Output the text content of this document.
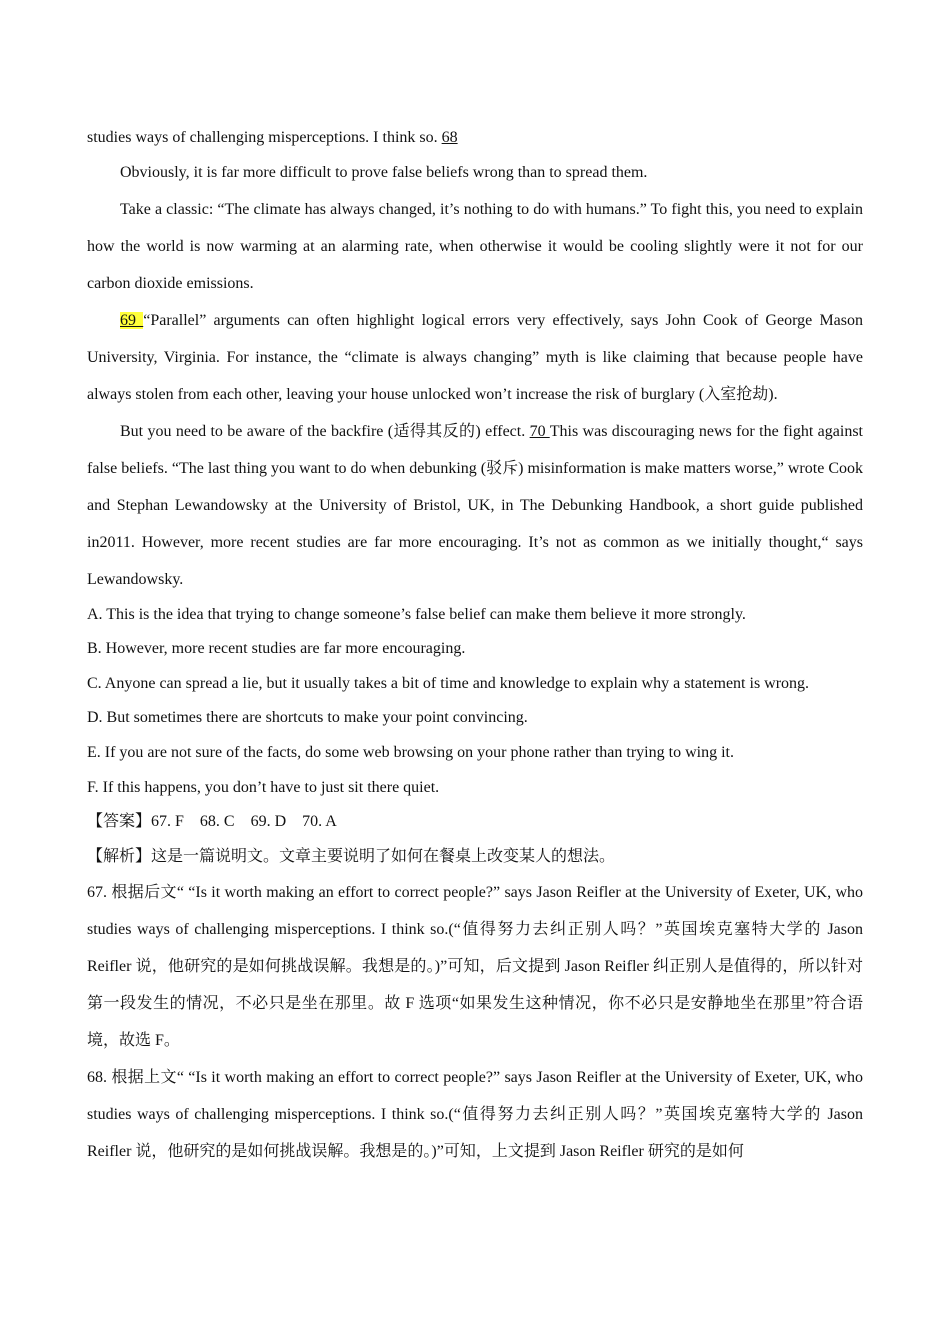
studies ways of challenging misperceptions. I think so. 68

Obviously, it is far more difficult to prove false beliefs wrong than to spread them.

Take a classic: “The climate has always changed, it’s nothing to do with humans.” To fight this, you need to explain how the world is now warming at an alarming rate, when otherwise it would be cooling slightly were it not for our carbon dioxide emissions.

69 “Parallel” arguments can often highlight logical errors very effectively, says John Cook of George Mason University, Virginia. For instance, the “climate is always changing” myth is like claiming that because people have always stolen from each other, leaving your house unlocked won’t increase the risk of burglary (入室抢劫).

But you need to be aware of the backfire (适得其反的) effect. 70 This was discouraging news for the fight against false beliefs. “The last thing you want to do when debunking (驳斥) misinformation is make matters worse,” wrote Cook and Stephan Lewandowsky at the University of Bristol, UK, in The Debunking Handbook, a short guide published in2011. However, more recent studies are far more encouraging. It’s not as common as we initially thought,“ says Lewandowsky.

A. This is the idea that trying to change someone’s false belief can make them believe it more strongly.

B. However, more recent studies are far more encouraging.

C. Anyone can spread a lie, but it usually takes a bit of time and knowledge to explain why a statement is wrong.

D. But sometimes there are shortcuts to make your point convincing.

E. If you are not sure of the facts, do some web browsing on your phone rather than trying to wing it.

F. If this happens, you don’t have to just sit there quiet.

【答案】67. F    68. C    69. D    70. A

【解析】这是一篇说明文。文章主要说明了如何在餐桌上改变某人的想法。

67. 根据后文“ “Is it worth making an effort to correct people?” says Jason Reifler at the University of Exeter, UK, who studies ways of challenging misperceptions. I think so.(“值得努力去纠正别人吗？”英国埃克塞特大学的 Jason Reifler 说，他研究的是如何挑战误解。我想是的。)”可知，后文提到 Jason Reifler 纠正别人是值得的，所以针对第一段发生的情况，不必只是坐在那里。故 F 选项“如果发生这种情况，你不必只是安静地坐在那里”符合语境，故选 F。

68. 根据上文“ “Is it worth making an effort to correct people?” says Jason Reifler at the University of Exeter, UK, who studies ways of challenging misperceptions. I think so.(“值得努力去纠正别人吗？”英国埃克塞特大学的 Jason Reifler 说，他研究的是如何挑战误解。我想是的。)”可知，上文提到 Jason Reifler 研究的是如何
